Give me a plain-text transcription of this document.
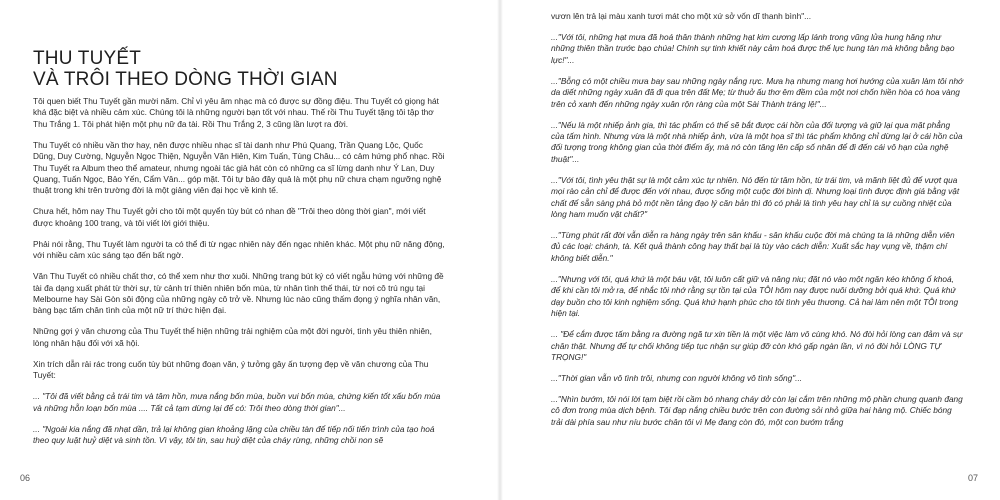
THU TUYẾT
VÀ TRÔI THEO DÒNG THỜI GIAN

Tôi quen biết Thu Tuyết gần mười năm. Chỉ vì yêu âm nhạc mà có được sự đồng điệu. Thu Tuyết có giọng hát khá đặc biệt và nhiều cảm xúc. Chúng tôi là những người bạn tốt với nhau. Thế rồi Thu Tuyết tặng tôi tập thơ Thu Trắng 1. Tôi phát hiện một phụ nữ đa tài. Rồi Thu Trắng 2, 3 cũng lần lượt ra đời.

Thu Tuyết có nhiều vần thơ hay, nên được nhiều nhạc sĩ tài danh như Phú Quang, Trần Quang Lộc, Quốc Dũng, Duy Cường, Nguyễn Ngọc Thiện, Nguyễn Văn Hiên, Kim Tuấn, Tùng Châu... có cảm hứng phổ nhạc. Rồi Thu Tuyết ra Album theo thể amateur, nhưng ngoài tác giả hát còn có những ca sĩ lừng danh như Ý Lan, Duy Quang, Tuấn Ngọc, Bảo Yến, Cẩm Vân... góp mặt. Tôi tự bảo đây quả là một phụ nữ chưa chạm ngưỡng nghệ thuật trong khi trên trường đời là một giảng viên đại học về kinh tế.

Chưa hết, hôm nay Thu Tuyết gởi cho tôi một quyển tùy bút có nhan đề "Trôi theo dòng thời gian", mới viết được khoảng 100 trang, và tôi viết lời giới thiệu.

Phải nói rằng, Thu Tuyết làm người ta có thể đi từ ngạc nhiên này đến ngạc nhiên khác. Một phụ nữ năng động, với nhiều cảm xúc sáng tạo đến bất ngờ.

Văn Thu Tuyết có nhiều chất thơ, có thể xem như thơ xuôi. Những trang bút ký có viết ngẫu hứng với những đề tài đa dạng xuất phát từ thời sự, từ cảnh trí thiên nhiên bốn mùa, từ nhân tình thế thái, từ nơi cô trú ngụ tại Melbourne hay Sài Gòn sôi động của những ngày cô trở về. Nhưng lúc nào cũng thấm đọng ý nghĩa nhân văn, bàng bạc tấm chân tình của một nữ trí thức hiện đại.

Những gợi ý văn chương của Thu Tuyết thể hiện những trải nghiệm của một đời người, tình yêu thiên nhiên, lòng nhân hậu đối với xã hội.

Xin trích dẫn rải rác trong cuốn tùy bút những đoạn văn, ý tưởng gây ấn tượng đẹp về văn chương của Thu Tuyết:

... "Tôi đã viết bằng cả trái tim và tâm hồn, mưa nắng bốn mùa, buồn vui bốn mùa, chứng kiến tốt xấu bốn mùa và những hỗn loạn bốn mùa .... Tất cả tạm dừng lại để có: Trôi theo dòng thời gian"...

... "Ngoài kia nắng đã nhạt dần, trả lại không gian khoảng lặng của chiều tàn để tiếp nối tiến trình của tạo hoá theo quy luật huỷ diệt và sinh tồn. Vì vậy, tôi tin, sau huỷ diệt của cháy rừng, những chồi non sẽ

06

vươn lên trả lại màu xanh tươi mát cho một xứ sở vốn dĩ thanh bình"...

..."Với tôi, những hạt mưa đã hoá thân thành những hạt kim cương lấp lánh trong vũng lửa hung hăng như những thiên thần trước bạo chúa! Chính sự tinh khiết này cảm hoá được thế lực hung tàn mà không bằng bạo lực!"...

..."Bỗng có một chiều mưa bay sau những ngày nắng rực. Mưa hạ nhưng mang hơi hướng của xuân làm tôi nhớ da diết những ngày xuân đã đi qua trên đất Mẹ; từ thuở ấu thơ êm đềm của một nơi chốn hiền hòa có hoa vàng trên cỏ xanh đến những ngày xuân rộn ràng của một Sài Thành tráng lệ!"...

..."Nếu là một nhiếp ảnh gia, thì tác phẩm có thể sẽ bắt được cái hồn của đối tượng và giữ lại qua mặt phẳng của tấm hình. Nhưng vừa là một nhà nhiếp ảnh, vừa là một họa sĩ thì tác phẩm không chỉ dừng lại ở cái hồn của đối tượng trong không gian của thời điểm ấy, mà nó còn tăng lên cấp số nhân để đi đến cái vô hạn của nghệ thuật"...

..."Với tôi, tình yêu thật sự là một cảm xúc tự nhiên. Nó đến từ tâm hồn, từ trái tim, và mãnh liệt đủ để vượt qua mọi rào cản chỉ để được đến với nhau, được sống một cuộc đời bình dị. Nhưng loại tình được định giá bằng vật chất để sẵn sàng phá bỏ một nền tảng đạo lý căn bản thì đó có phải là tình yêu hay chỉ là sự cuồng nhiệt của lòng ham muốn vật chất?"

..."Từng phút rất đời vẫn diễn ra hàng ngày trên sân khấu - sân khấu cuộc đời mà chúng ta là những diễn viên đủ các loại: chánh, tà. Kết quả thành công hay thất bại là tùy vào cách diễn: Xuất sắc hay vụng về, thậm chí không biết diễn."

..."Nhưng với tôi, quá khứ là một báu vật, tôi luôn cất giữ và nâng niu; đặt nó vào một ngăn kéo không ổ khoá, để khi cần tôi mở ra, để nhắc tôi nhớ rằng sự tồn tại của TÔI hôm nay được nuôi dưỡng bởi quá khứ. Quá khứ dạy buồn cho tôi kinh nghiệm sống. Quá khứ hạnh phúc cho tôi tình yêu thương. Cả hai làm nên một TÔI trong hiện tại.

... "Để cắm được tấm bằng ra đường ngã tư xin tiền là một việc làm vô cùng khó. Nó đòi hỏi lòng can đảm và sự chân thật. Nhưng để tự chối không tiếp tục nhận sự giúp đỡ còn khó gấp ngàn lần, vì nó đòi hỏi LÒNG TỰ TRỌNG!"

..."Thời gian vẫn vô tình trôi, nhưng con người không vô tình sống"...

..."Nhìn bướm, tôi nói lời tạm biệt rồi cầm bó nhang cháy dở còn lại cắm trên những mộ phần chung quanh đang cô đơn trong mùa dịch bệnh. Tôi đạp nắng chiều bước trên con đường sỏi nhỏ giữa hai hàng mộ. Chiếc bóng trải dài phía sau như níu bước chân tôi vì Mẹ đang còn đó, một con bướm trắng

07
